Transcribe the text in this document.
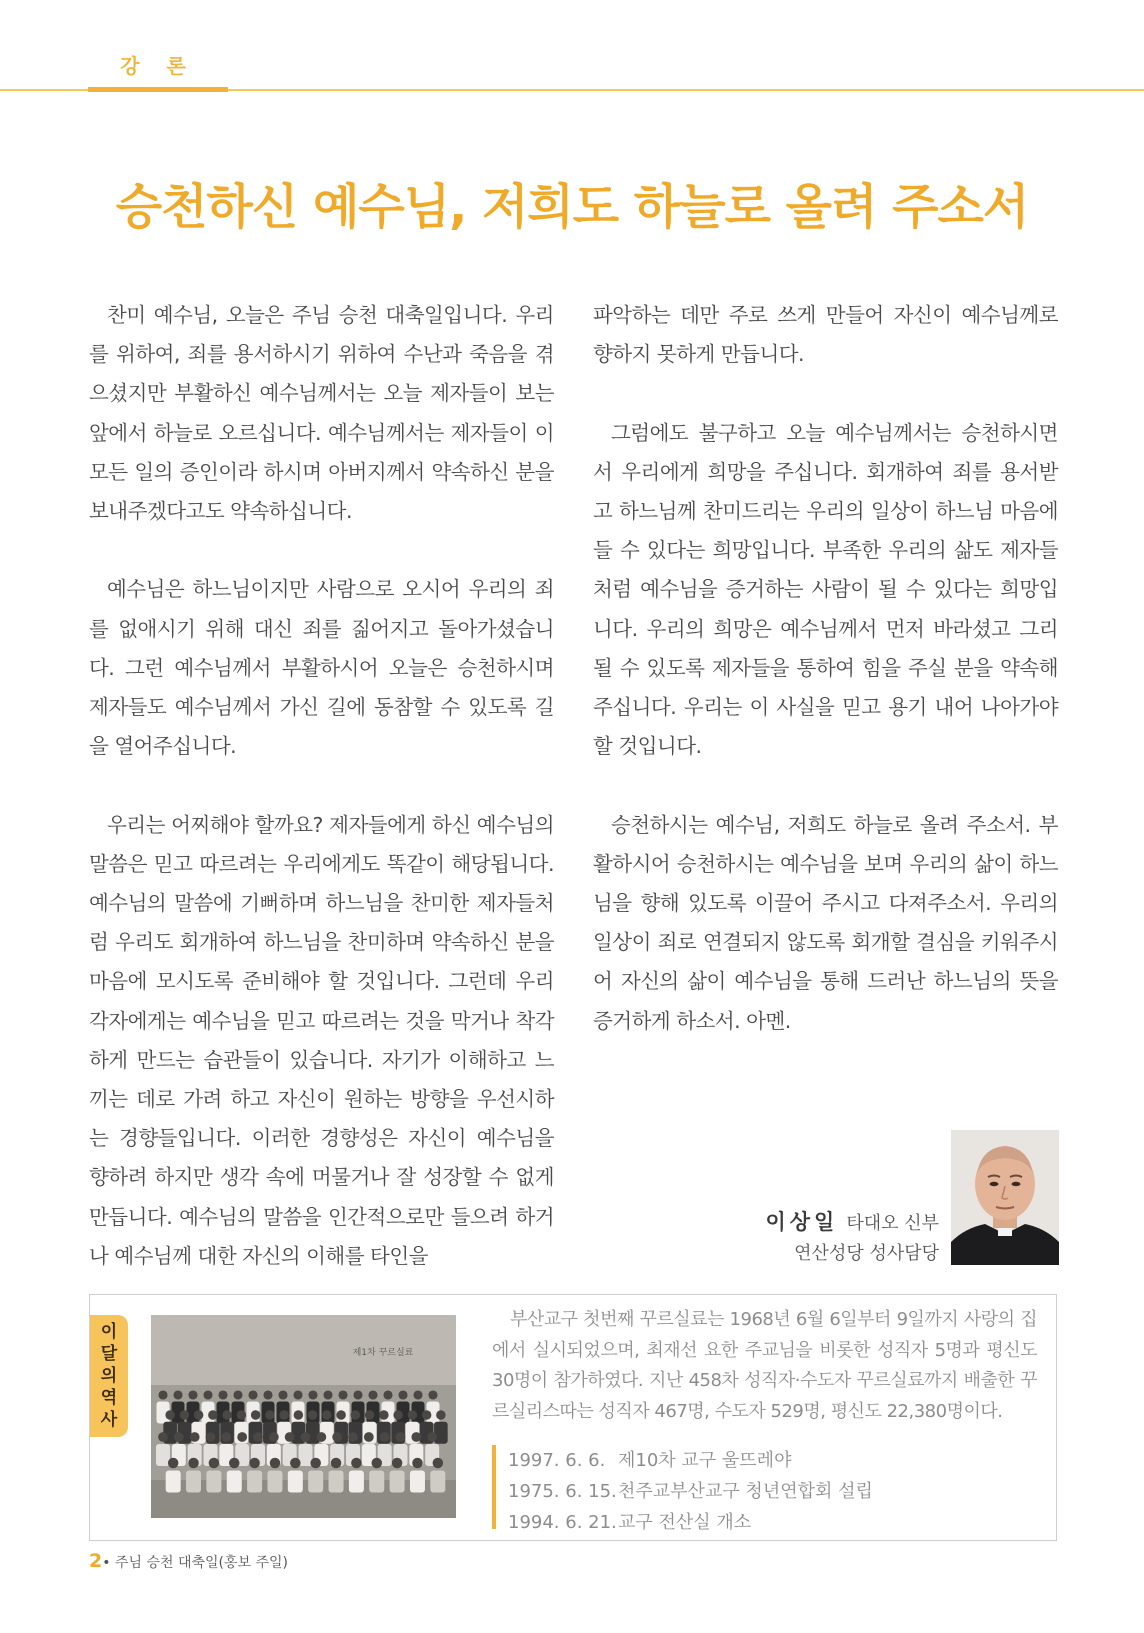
강 론
승천하신 예수님, 저희도 하늘로 올려 주소서

찬미 예수님, 오늘은 주님 승천 대축일입니다. 우리를 위하여, 죄를 용서하시기 위하여 수난과 죽음을 겪으셨지만 부활하신 예수님께서는 오늘 제자들이 보는 앞에서 하늘로 오르십니다. 예수님께서는 제자들이 이 모든 일의 증인이라 하시며 아버지께서 약속하신 분을 보내주겠다고도 약속하십니다.

예수님은 하느님이지만 사람으로 오시어 우리의 죄를 없애시기 위해 대신 죄를 짊어지고 돌아가셨습니다. 그런 예수님께서 부활하시어 오늘은 승천하시며 제자들도 예수님께서 가신 길에 동참할 수 있도록 길을 열어주십니다.

우리는 어찌해야 할까요? 제자들에게 하신 예수님의 말씀은 믿고 따르려는 우리에게도 똑같이 해당됩니다. 예수님의 말씀에 기뻐하며 하느님을 찬미한 제자들처럼 우리도 회개하여 하느님을 찬미하며 약속하신 분을 마음에 모시도록 준비해야 할 것입니다. 그런데 우리 각자에게는 예수님을 믿고 따르려는 것을 막거나 착각하게 만드는 습관들이 있습니다. 자기가 이해하고 느끼는 데로 가려 하고 자신이 원하는 방향을 우선시하는 경향들입니다. 이러한 경향성은 자신이 예수님을 향하려 하지만 생각 속에 머물거나 잘 성장할 수 없게 만듭니다. 예수님의 말씀을 인간적으로만 들으려 하거나 예수님께 대한 자신의 이해를 타인을

파악하는 데만 주로 쓰게 만들어 자신이 예수님께로 향하지 못하게 만듭니다.

그럼에도 불구하고 오늘 예수님께서는 승천하시면서 우리에게 희망을 주십니다. 회개하여 죄를 용서받고 하느님께 찬미드리는 우리의 일상이 하느님 마음에 들 수 있다는 희망입니다. 부족한 우리의 삶도 제자들처럼 예수님을 증거하는 사람이 될 수 있다는 희망입니다. 우리의 희망은 예수님께서 먼저 바라셨고 그리될 수 있도록 제자들을 통하여 힘을 주실 분을 약속해 주십니다. 우리는 이 사실을 믿고 용기 내어 나아가야 할 것입니다.

승천하시는 예수님, 저희도 하늘로 올려 주소서. 부활하시어 승천하시는 예수님을 보며 우리의 삶이 하느님을 향해 있도록 이끌어 주시고 다져주소서. 우리의 일상이 죄로 연결되지 않도록 회개할 결심을 키워주시어 자신의 삶이 예수님을 통해 드러난 하느님의 뜻을 증거하게 하소서. 아멘.

이상일 타대오 신부
연산성당 성사담당
이
달
의
역
사
제1차 꾸르실료

부산교구 첫번째 꾸르실료는 1968년 6월 6일부터 9일까지 사랑의 집에서 실시되었으며, 최재선 요한 주교님을 비롯한 성직자 5명과 평신도 30명이 참가하였다. 지난 458차 성직자·수도자 꾸르실료까지 배출한 꾸르실리스따는 성직자 467명, 수도자 529명, 평신도 22,380명이다.

1997. 6. 6. 제10차 교구 울뜨레야
1975. 6. 15.천주교부산교구 청년연합회 설립
1994. 6. 21.교구 전산실 개소
2• 주님 승천 대축일(홍보 주일)
